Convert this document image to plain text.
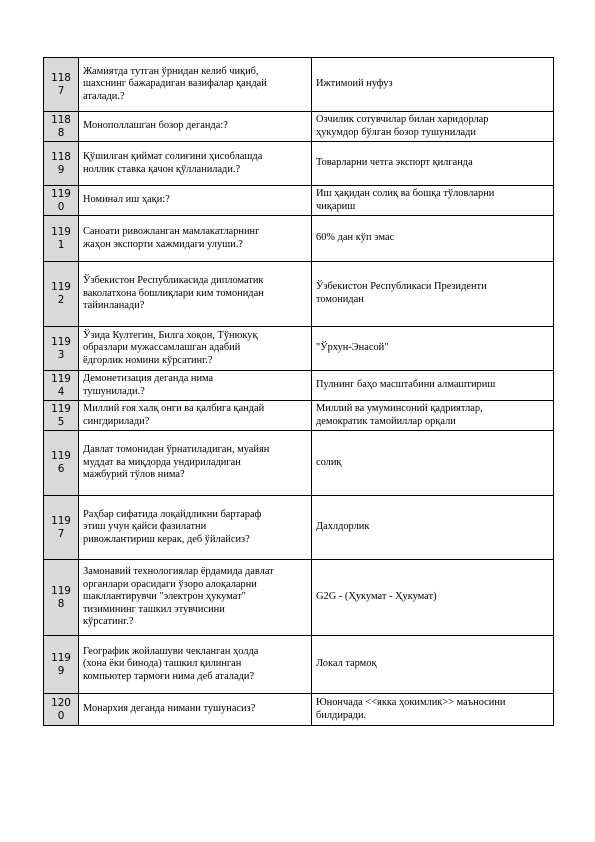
118
7	Жамиятда тутган ўрнидан келиб чиқиб,
шахснинг бажарадиган вазифалар қандай
аталади.?	Ижтимоий нуфуз

118
8	Монополлашган бозор деганда:?	Озчилик сотувчилар билан харидорлар
ҳукумдор бўлган бозор тушунилади

118
9	Қўшилган қиймат солиғини ҳисоблашда
ноллик ставка қачон қўлланилади.?	Товарларни четга экспорт қилганда

119
0	Номинал иш ҳақи:?	Иш ҳақидан солиқ ва бошқа тўловларни
чиқариш

119
1	Саноати ривожланган мамлакатларнинг
жаҳон экспорти хажмидаги улуши.?	60% дан кўп эмас

119
2	Ўзбекистон Республикасида дипломатик
ваколатхона бошлиқлари ким томонидан
тайинланади?	Ўзбекистон Республикаси Президенти
томонидан

119
3	Ўзида Култегин, Билга хоқон, Тўнюкуқ
образлари мужассамлашган адабий
ёдгорлик номини кўрсатинг.?	"Ўрхун-Энасой"

119
4	Демонетизация деганда нима
тушунилади.?	Пулнинг баҳо масштабини алмаштириш

119
5	Миллий ғоя халқ онги ва қалбига қандай
сингдирилади?	Миллий ва умуминсоний қадриятлар,
демократик тамойиллар орқали

119
6	Давлат томонидан ўрнатиладиган, муайян
муддат ва миқдорда ундириладиган
мажбурий тўлов нима?	солиқ

119
7	Раҳбар сифатида лоқайдликни бартараф
этиш учун қайси фазилатни
ривожлантириш керак, деб ўйлайсиз?	Дахлдорлик

119
8	Замонавий технологиялар ёрдамида давлат
органлари орасидаги ўзоро алоқаларни
шакллантирувчи "электрон ҳукумат"
тизимининг ташкил этувчисини
кўрсатинг.?	G2G - (Ҳукумат - Ҳукумат)

119
9	Географик жойлашуви чекланган ҳолда
(хона ёки бинода) ташкил қилинган
компьютер тармоғи нима деб аталади?	Локал тармоқ

120
0	Монархия деганда нимани тушунасиз?	Юнончада <<якка ҳокимлик>> маъносини
билдиради.
